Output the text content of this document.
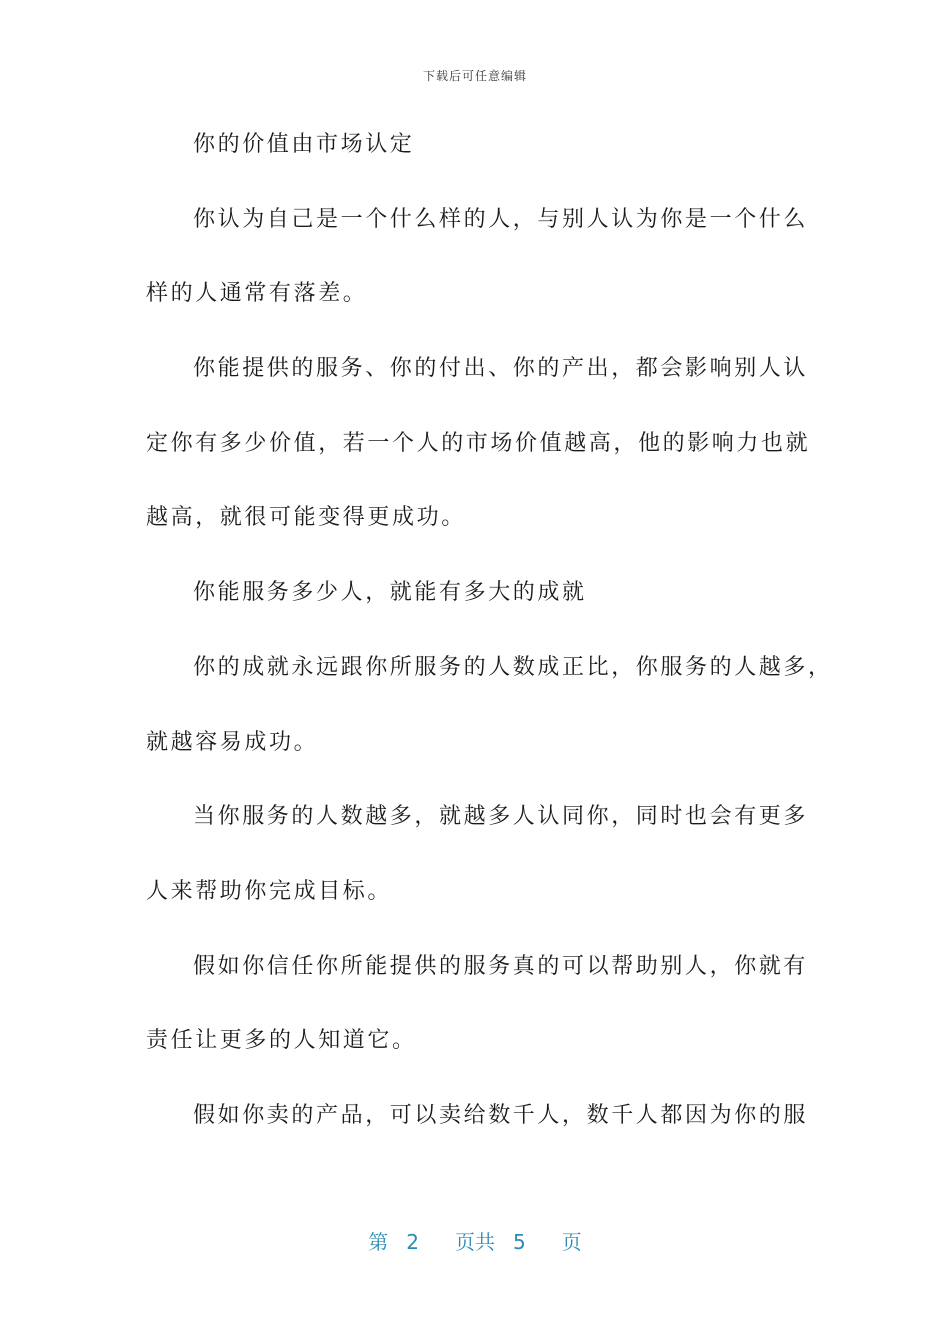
下载后可任意编辑
你的价值由市场认定
你认为自己是一个什么样的人，与别人认为你是一个什么
样的人通常有落差。
你能提供的服务、你的付出、你的产出，都会影响别人认
定你有多少价值，若一个人的市场价值越高，他的影响力也就
越高，就很可能变得更成功。
你能服务多少人，就能有多大的成就
你的成就永远跟你所服务的人数成正比，你服务的人越多，
就越容易成功。
当你服务的人数越多，就越多人认同你，同时也会有更多
人来帮助你完成目标。
假如你信任你所能提供的服务真的可以帮助别人，你就有
责任让更多的人知道它。
假如你卖的产品，可以卖给数千人，数千人都因为你的服
第 2 页共 5 页
